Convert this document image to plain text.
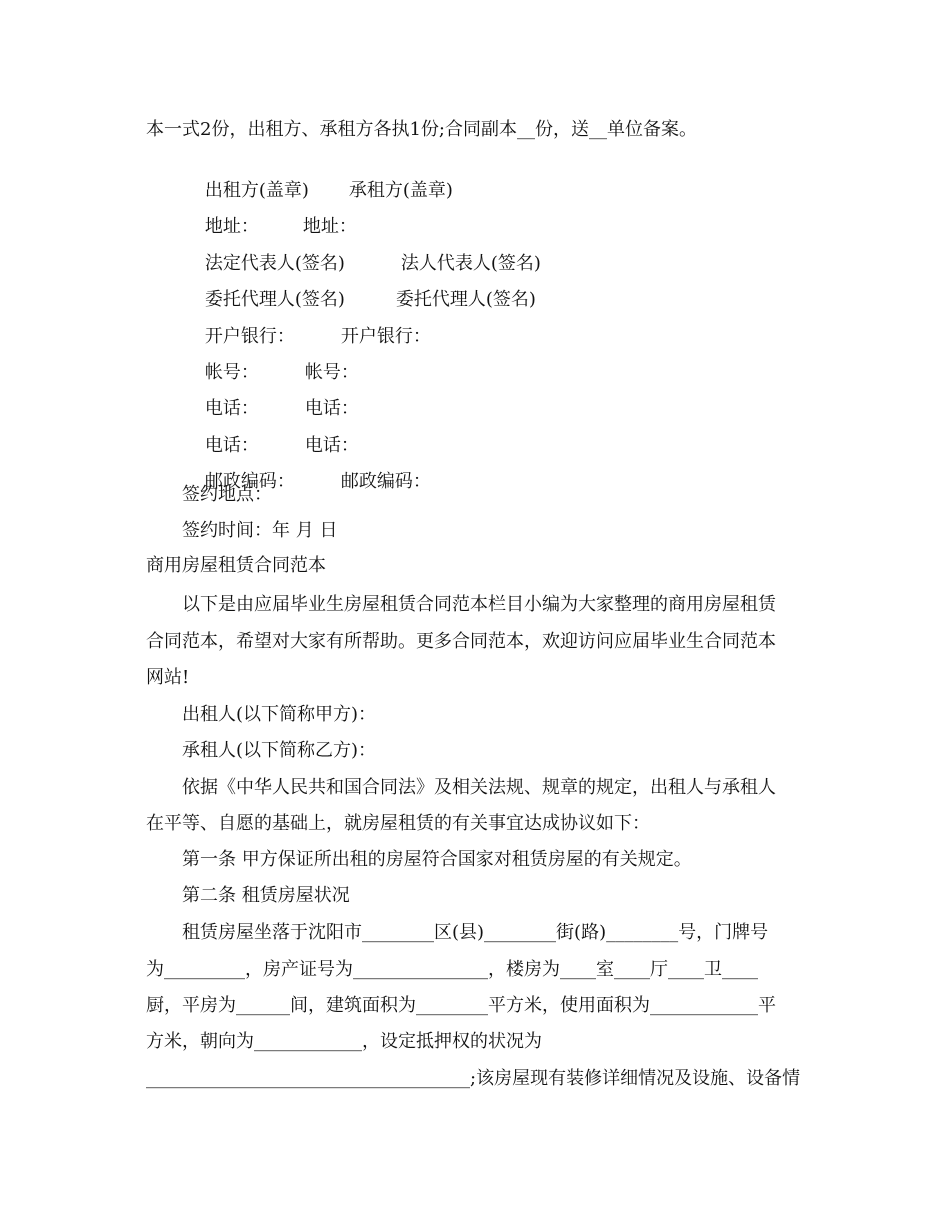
本一式2份，出租方、承租方各执1份;合同副本__份，送__单位备案。

出租方(盖章) 承租方(盖章)

地址： 地址：

法定代表人(签名)	法人代表人(签名)

委托代理人(签名)	委托代理人(签名)

开户银行：	开户银行：

帐号：	帐号：

电话：	电话：

电话：	电话：

邮政编码：	邮政编码：

签约地点：
签约时间：年 月 日
商用房屋租赁合同范本
以下是由应届毕业生房屋租赁合同范本栏目小编为大家整理的商用房屋租赁
合同范本，希望对大家有所帮助。更多合同范本，欢迎访问应届毕业生合同范本
网站!
出租人(以下简称甲方)：
承租人(以下简称乙方)：
依据《中华人民共和国合同法》及相关法规、规章的规定，出租人与承租人
在平等、自愿的基础上，就房屋租赁的有关事宜达成协议如下：
第一条 甲方保证所出租的房屋符合国家对租赁房屋的有关规定。
第二条 租赁房屋状况
租赁房屋坐落于沈阳市________区(县)________街(路)________号，门牌号
为_________，房产证号为_______________，楼房为____室____厅____卫____
厨，平房为______间，建筑面积为________平方米，使用面积为____________平
方米，朝向为____________，设定抵押权的状况为
____________________________________;该房屋现有装修详细情况及设施、设备情
